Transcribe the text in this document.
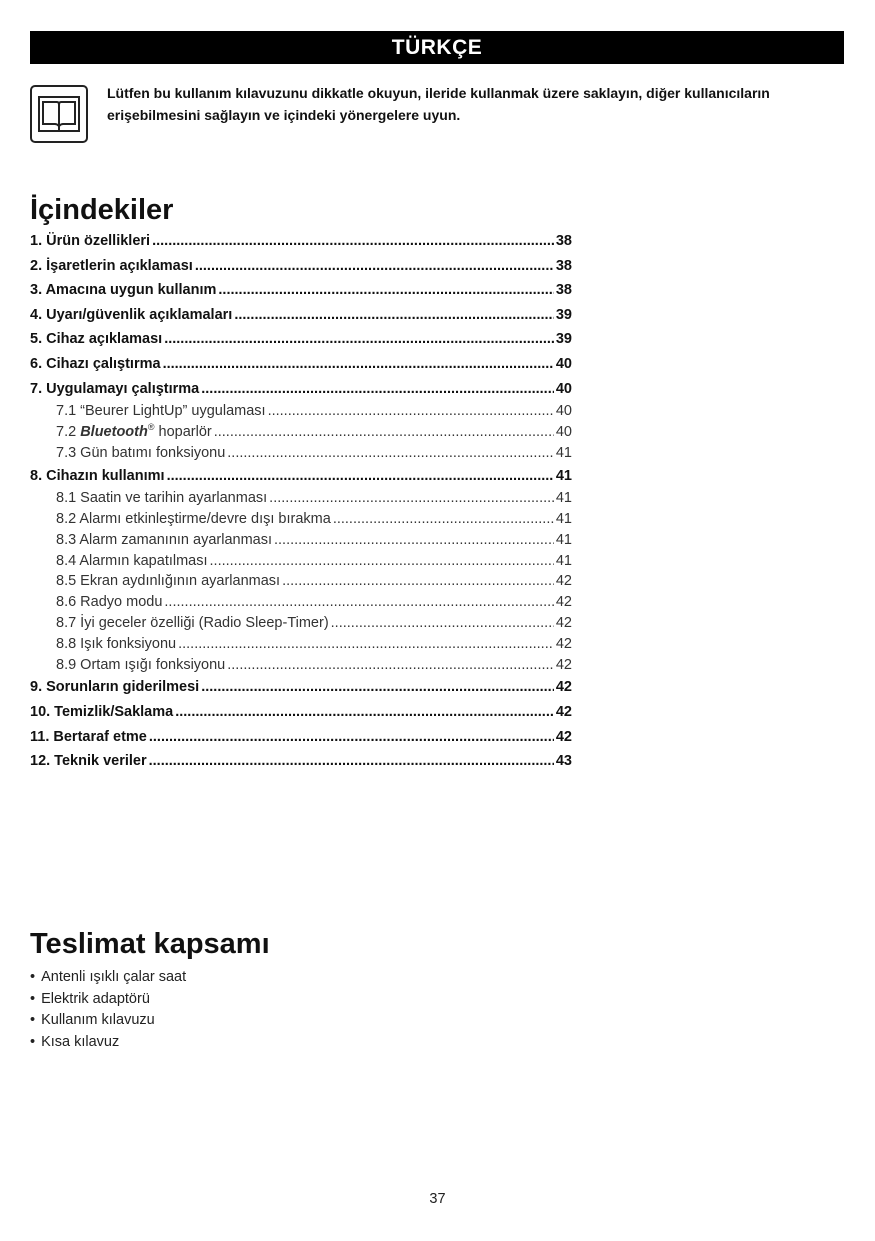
TÜRKÇE
Lütfen bu kullanım kılavuzunu dikkatle okuyun, ileride kullanmak üzere saklayın, diğer kullanıcıların erişebilmesini sağlayın ve içindeki yönergelere uyun.
İçindekiler
1. Ürün özellikleri .....	38
2. İşaretlerin açıklaması .....	38
3. Amacına uygun kullanım .....	38
4. Uyarı/güvenlik açıklamaları .....	39
5. Cihaz açıklaması .....	39
6. Cihazı çalıştırma .....	40
7. Uygulamayı çalıştırma .....	40
7.1 “Beurer LightUp” uygulaması .....	40
7.2 Bluetooth® hoparlör .....	40
7.3 Gün batımı fonksiyonu .....	41
8. Cihazın kullanımı .....	41
8.1 Saatin ve tarihin ayarlanması .....	41
8.2 Alarmı etkinleştirme/devre dışı bırakma .....	41
8.3 Alarm zamanının ayarlanması .....	41
8.4 Alarmın kapatılması .....	41
8.5 Ekran aydınlığının ayarlanması .....	42
8.6 Radyo modu .....	42
8.7 İyi geceler özelliği (Radio Sleep-Timer) .....	42
8.8 Işık fonksiyonu .....	42
8.9 Ortam ışığı fonksiyonu .....	42
9. Sorunların giderilmesi .....	42
10. Temizlik/Saklama .....	42
11. Bertaraf etme .....	42
12. Teknik veriler .....	43
Teslimat kapsamı
• Antenli ışıklı çalar saat
• Elektrik adaptörü
• Kullanım kılavuzu
• Kısa kılavuz
37
